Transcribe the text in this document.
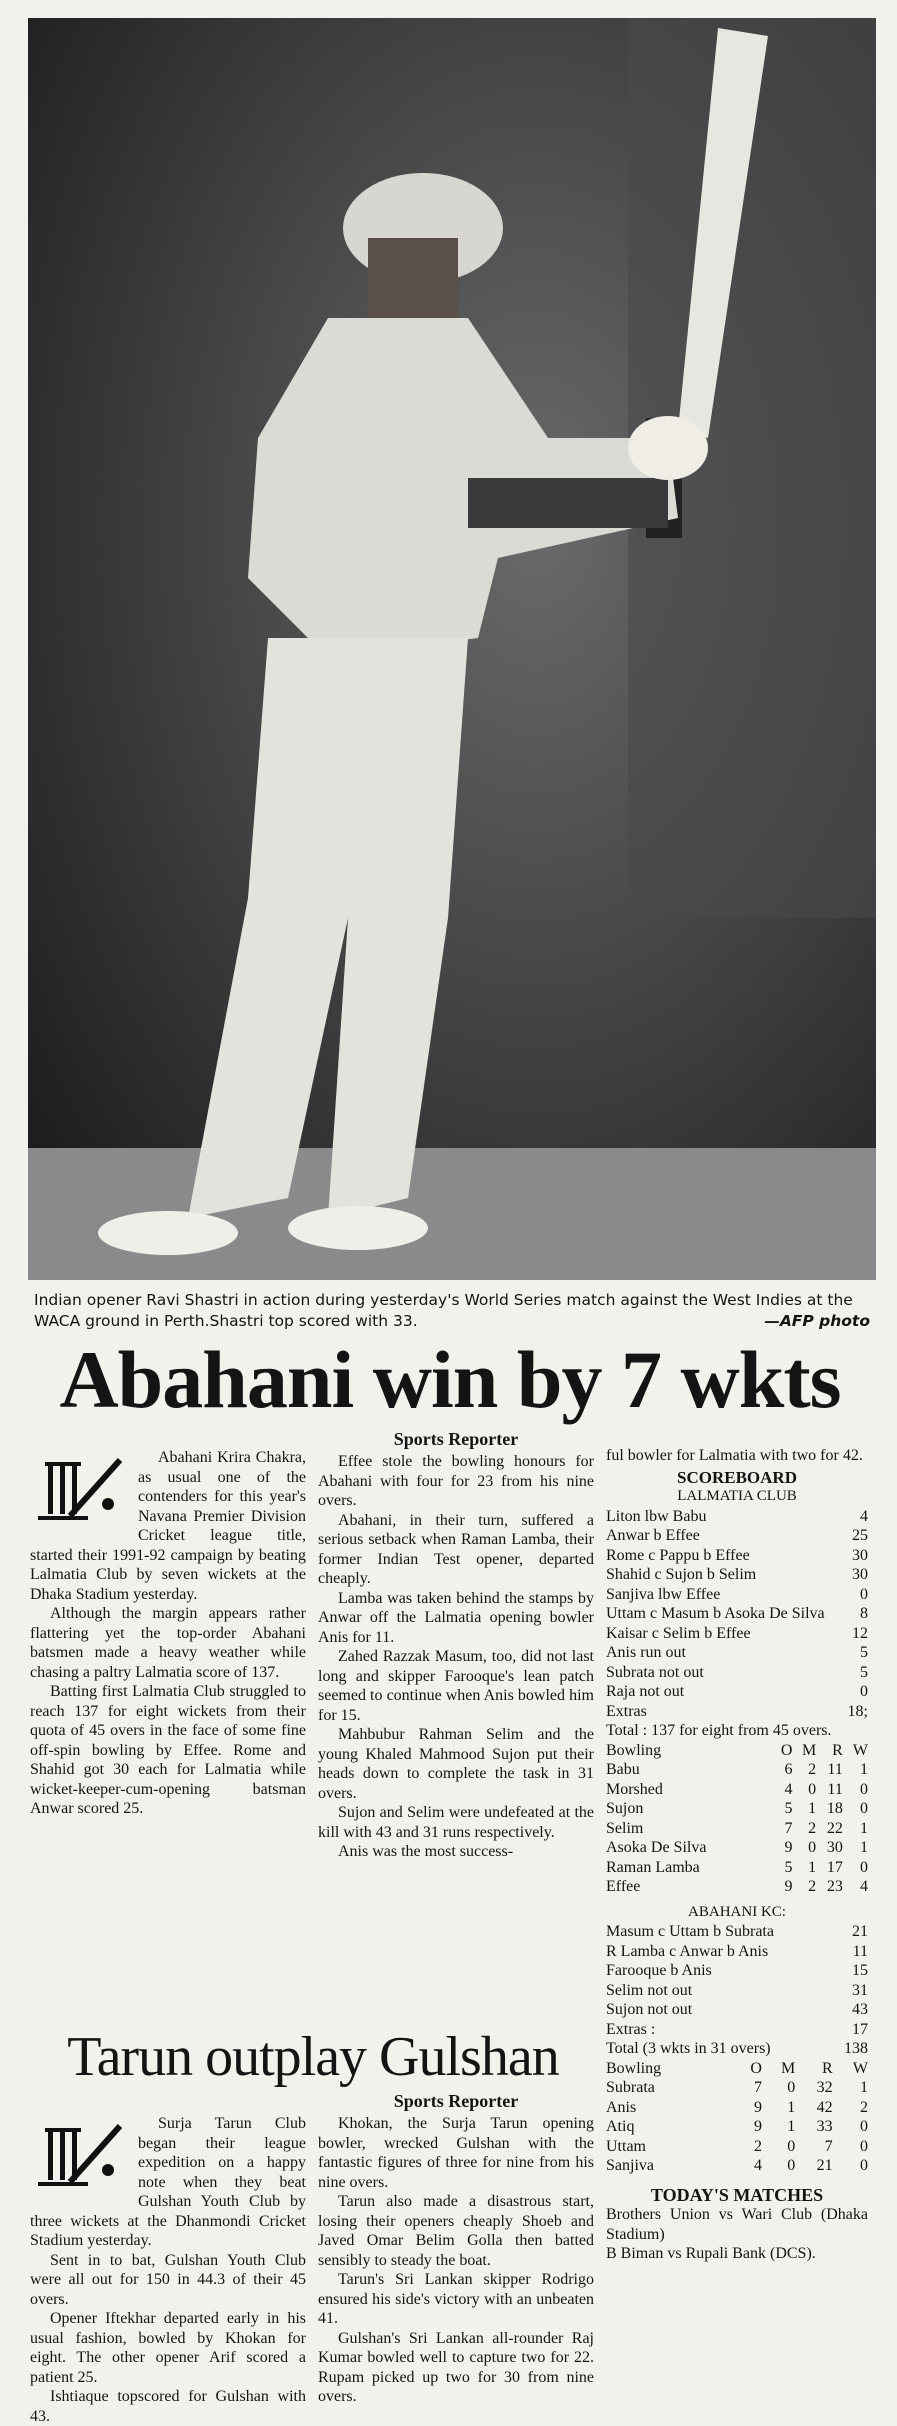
Indian opener Ravi Shastri in action during yesterday's World Series match against the West Indies at the WACA ground in Perth.Shastri top scored with 33.	—AFP photo
Abahani win by 7 wkts

Abahani Krira Chakra, as usual one of the contenders for this year's Navana Premier Division Cricket league title, started their 1991-92 campaign by beating Lalmatia Club by seven wickets at the Dhaka Stadium yesterday.

Although the margin appears rather flattering yet the top-order Abahani batsmen made a heavy weather while chasing a paltry Lalmatia score of 137.

Batting first Lalmatia Club struggled to reach 137 for eight wickets from their quota of 45 overs in the face of some fine off-spin bowling by Effee. Rome and Shahid got 30 each for Lalmatia while wicket-keeper-cum-opening batsman Anwar scored 25.

Sports Reporter

Effee stole the bowling honours for Abahani with four for 23 from his nine overs.

Abahani, in their turn, suffered a serious setback when Raman Lamba, their former Indian Test opener, departed cheaply.

Lamba was taken behind the stamps by Anwar off the Lalmatia opening bowler Anis for 11.

Zahed Razzak Masum, too, did not last long and skipper Farooque's lean patch seemed to continue when Anis bowled him for 15.

Mahbubur Rahman Selim and the young Khaled Mahmood Sujon put their heads down to complete the task in 31 overs.

Sujon and Selim were undefeated at the kill with 43 and 31 runs respectively.

Anis was the most success-

Tarun outplay Gulshan

Surja Tarun Club began their league expedition on a happy note when they beat Gulshan Youth Club by three wickets at the Dhanmondi Cricket Stadium yesterday.

Sent in to bat, Gulshan Youth Club were all out for 150 in 44.3 of their 45 overs.

Opener Iftekhar departed early in his usual fashion, bowled by Khokan for eight. The other opener Arif scored a patient 25.

Ishtiaque topscored for Gulshan with 43.

Sports Reporter

Khokan, the Surja Tarun opening bowler, wrecked Gulshan with the fantastic figures of three for nine from his nine overs.

Tarun also made a disastrous start, losing their openers cheaply Shoeb and Javed Omar Belim Golla then batted sensibly to steady the boat.

Tarun's Sri Lankan skipper Rodrigo ensured his side's victory with an unbeaten 41.

Gulshan's Sri Lankan all-rounder Raj Kumar bowled well to capture two for 22. Rupam picked up two for 30 from nine overs.

ful bowler for Lalmatia with two for 42.

SCOREBOARD
LALMATIA CLUB
Liton lbw Babu	4
Anwar b Effee	25
Rome c Pappu b Effee	30
Shahid c Sujon b Selim	30
Sanjiva lbw Effee	0
Uttam c Masum b Asoka De Silva	8
Kaisar c Selim b Effee	12
Anis run out	5
Subrata not out	5
Raja not out	0
Extras	18;
Total : 137 for eight from 45 overs.
Bowling	O	M	R	W
Babu	6	2	11	1
Morshed	4	0	11	0
Sujon	5	1	18	0
Selim	7	2	22	1
Asoka De Silva	9	0	30	1
Raman Lamba	5	1	17	0
Effee	9	2	23	4
ABAHANI KC:
Masum c Uttam b Subrata	21
R Lamba c Anwar b Anis	11
Farooque b Anis	15
Selim not out	31
Sujon not out	43
Extras :	17
Total (3 wkts in 31 overs)	138
Bowling	O	M	R	W
Subrata	7	0	32	1
Anis	9	1	42	2
Atiq	9	1	33	0
Uttam	2	0	7	0
Sanjiva	4	0	21	0
TODAY'S MATCHES
Brothers Union vs Wari Club (Dhaka Stadium)
B Biman vs Rupali Bank (DCS).
